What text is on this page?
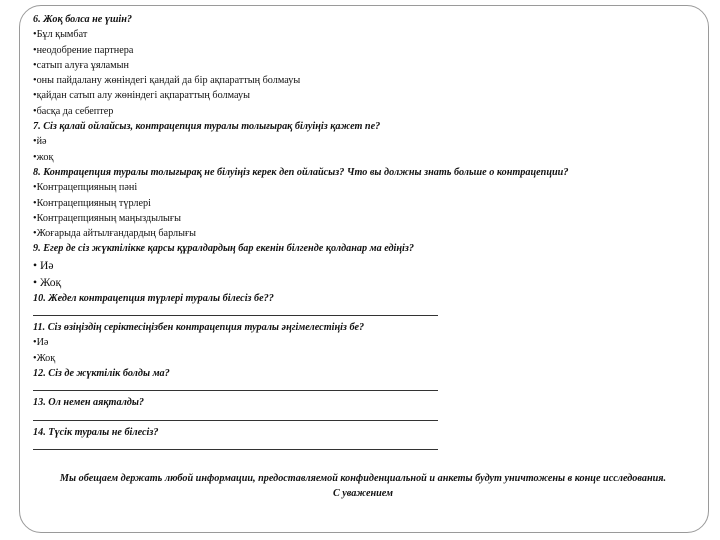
6. Жоқ болса не үшін?
•Бұл қымбат
•неодобрение партнера
•сатып алуға ұяламын
•оны пайдалану жөніндегі қандай да бір ақпараттың болмауы
•қайдан сатып алу жөніндегі ақпараттың болмауы
•басқа да себептер
7. Сіз қалай ойлайсыз, контрацепция туралы толығырақ білуіңіз қажет пе?
•йә
•жоқ
8. Контрацепция туралы толығырақ не білуіңіз керек деп ойлайсыз? Что вы должны знать больше о контрацепции?
•Контрацепцияның пәні
•Контрацепцияның түрлері
•Контрацепцияның маңыздылығы
•Жоғарыда айтылғандардың барлығы
9. Егер де сіз жүктілікке қарсы құралдардың бар екенін білгенде қолданар ма едіңіз?
• Иә
• Жоқ
10. Жедел контрацепция түрлері туралы білесіз бе??
11. Сіз өзіңіздің серіктесіңізбен контрацепция туралы әңгімелестіңіз бе?
•Иә
•Жоқ
12. Сіз де жүктілік болды ма?
13. Ол немен аяқталды?
14. Түсік туралы не білесіз?
Мы обещаем держать любой информации, предоставляемой конфиденциальной и анкеты будут уничтожены в конце исследования.
С уважением
